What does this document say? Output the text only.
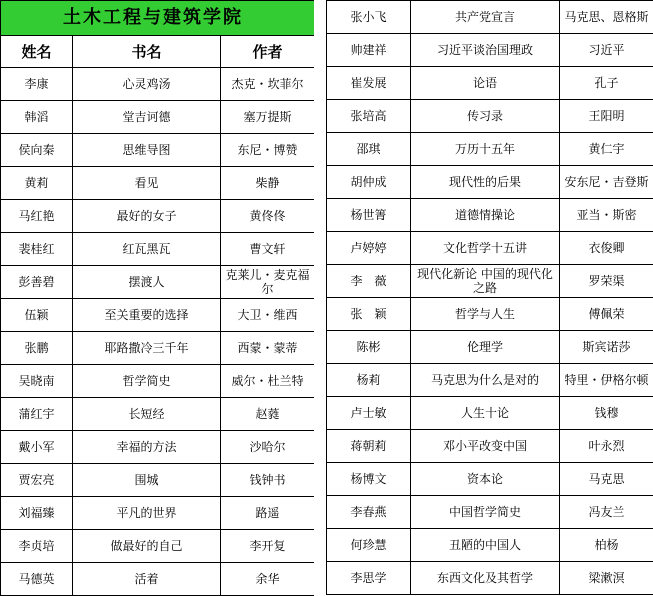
土木工程与建筑学院		
姓名	书名	作者
李康	心灵鸡汤	杰克・坎菲尔
韩滔	堂吉诃德	塞万提斯
侯向秦	思维导图	东尼・博赞
黄莉	看见	柴静
马红艳	最好的女子	黄佟佟
裴桂红	红瓦黑瓦	曹文轩
彭善碧	摆渡人	克莱儿・麦克福尔
伍颖	至关重要的选择	大卫・维西
张鹏	耶路撒冷三千年	西蒙・蒙蒂
吴晓南	哲学简史	威尔・杜兰特
蒲红宇	长短经	赵蕤
戴小军	幸福的方法	沙哈尔
贾宏亮	围城	钱钟书
刘福臻	平凡的世界	路遥
李贞培	做最好的自己	李开复
马德英	活着	余华
张小飞	共产党宣言	马克思、恩格斯
帅建祥	习近平谈治国理政	习近平
崔发展	论语	孔子
张培高	传习录	王阳明
邵琪	万历十五年	黄仁宇
胡仲成	现代性的后果	安东尼・吉登斯
杨世箐	道德情操论	亚当・斯密
卢婷婷	文化哲学十五讲	衣俊卿
李　薇	现代化新论 中国的现代化之路	罗荣渠
张　颖	哲学与人生	傅佩荣
陈彬	伦理学	斯宾诺莎
杨莉	马克思为什么是对的	特里・伊格尔顿
卢士敏	人生十论	钱穆
蒋朝莉	邓小平改变中国	叶永烈
杨博文	资本论	马克思
李春燕	中国哲学简史	冯友兰
何珍慧	丑陋的中国人	柏杨
李思学	东西文化及其哲学	梁漱溟
